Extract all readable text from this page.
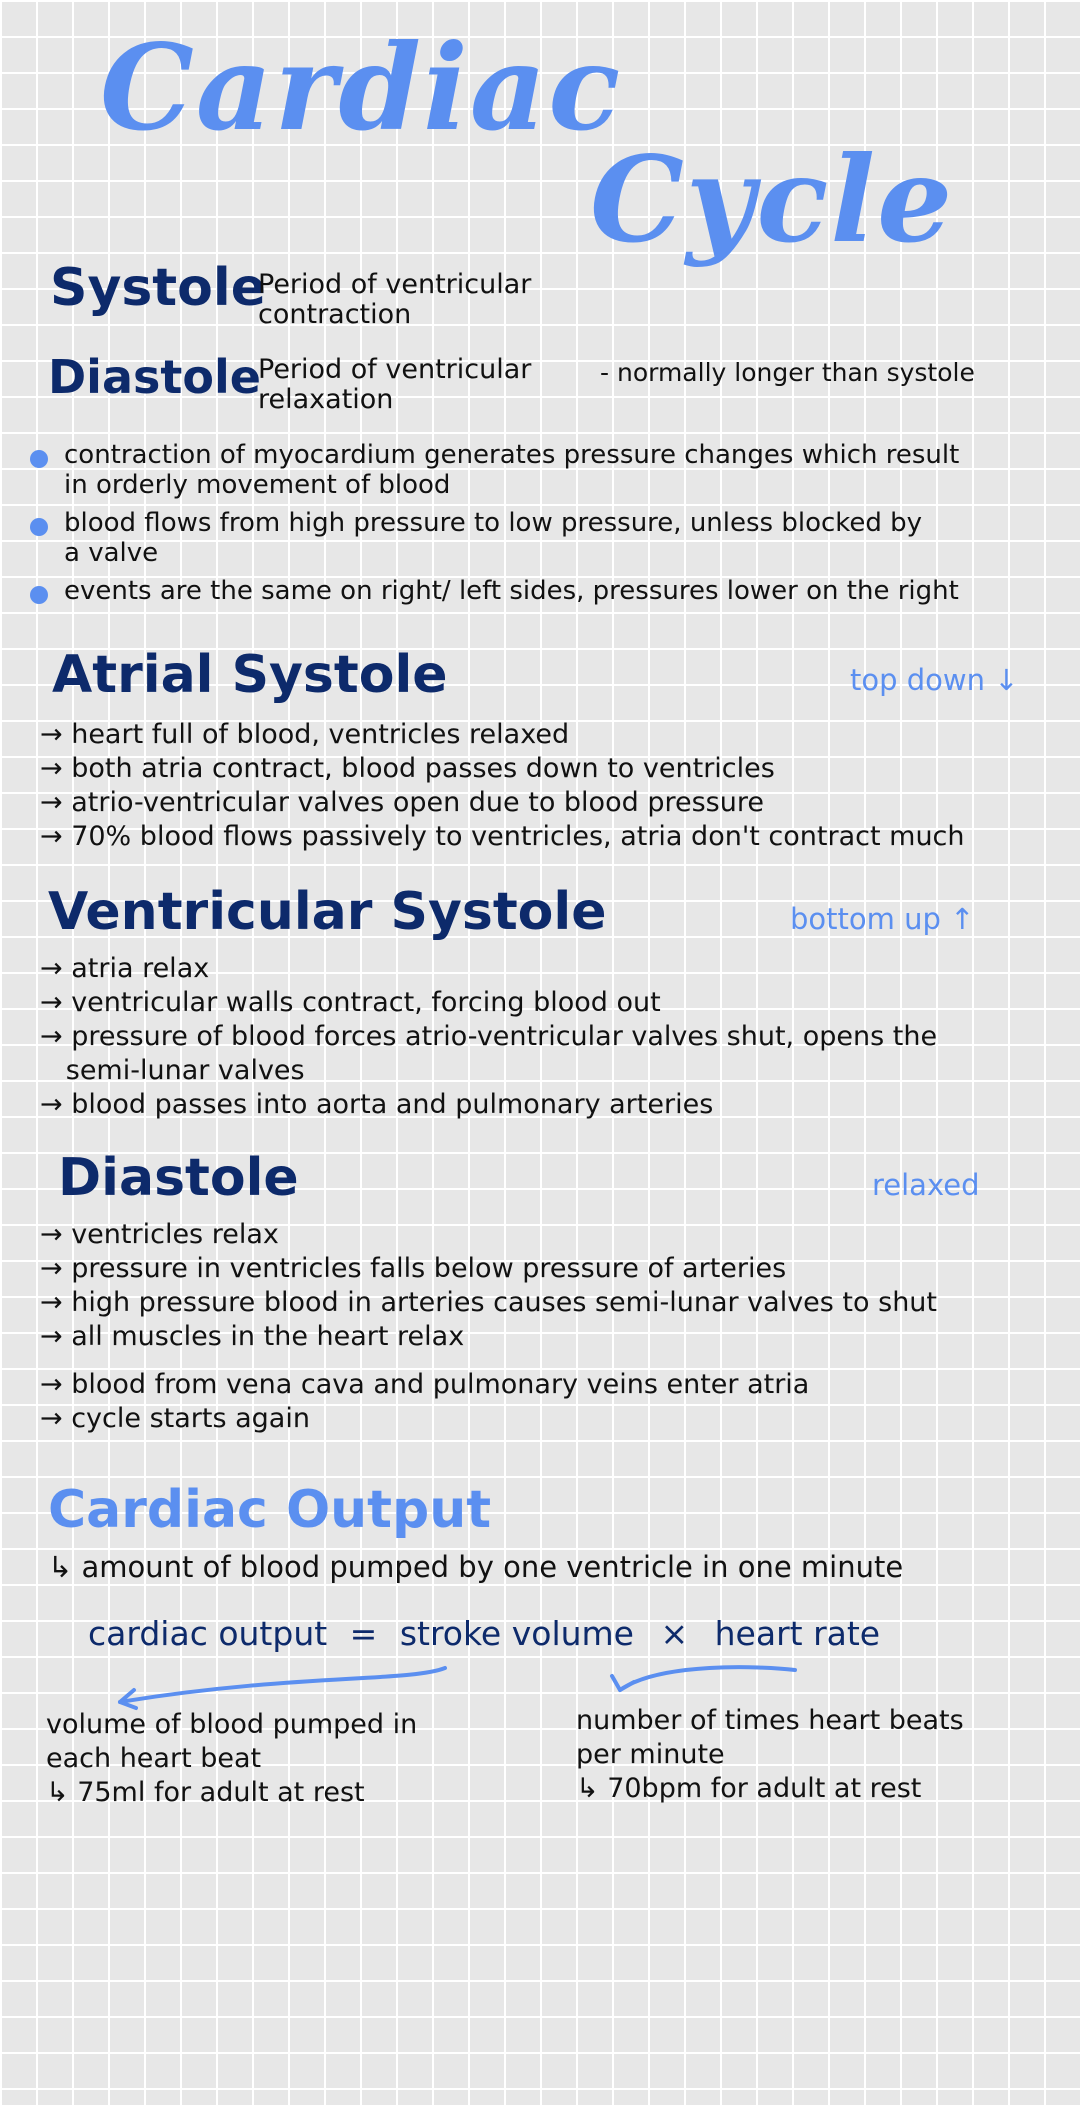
Cardiac
Cycle
Systole
Period of ventricular
contraction
Diastole
Period of ventricular
relaxation
- normally longer than systole
contraction of myocardium generates pressure changes which result
in orderly movement of blood
blood flows from high pressure to low pressure, unless blocked by
a valve
events are the same on right/ left sides, pressures lower on the right
Atrial Systole	top down ↓
→ heart full of blood, ventricles relaxed
→ both atria contract, blood passes down to ventricles
→ atrio-ventricular valves open due to blood pressure
→ 70% blood flows passively to ventricles, atria don't contract much
Ventricular Systole	bottom up ↑
→ atria relax
→ ventricular walls contract, forcing blood out
→ pressure of blood forces atrio-ventricular valves shut, opens the
semi-lunar valves
→ blood passes into aorta and pulmonary arteries
Diastole	relaxed
→ ventricles relax
→ pressure in ventricles falls below pressure of arteries
→ high pressure blood in arteries causes semi-lunar valves to shut
→ all muscles in the heart relax
→ blood from vena cava and pulmonary veins enter atria
→ cycle starts again
Cardiac Output
↳ amount of blood pumped by one ventricle in one minute
cardiac output = stroke volume × heart rate
volume of blood pumped in
each heart beat
↳ 75ml for adult at rest
number of times heart beats
per minute
↳ 70bpm for adult at rest
